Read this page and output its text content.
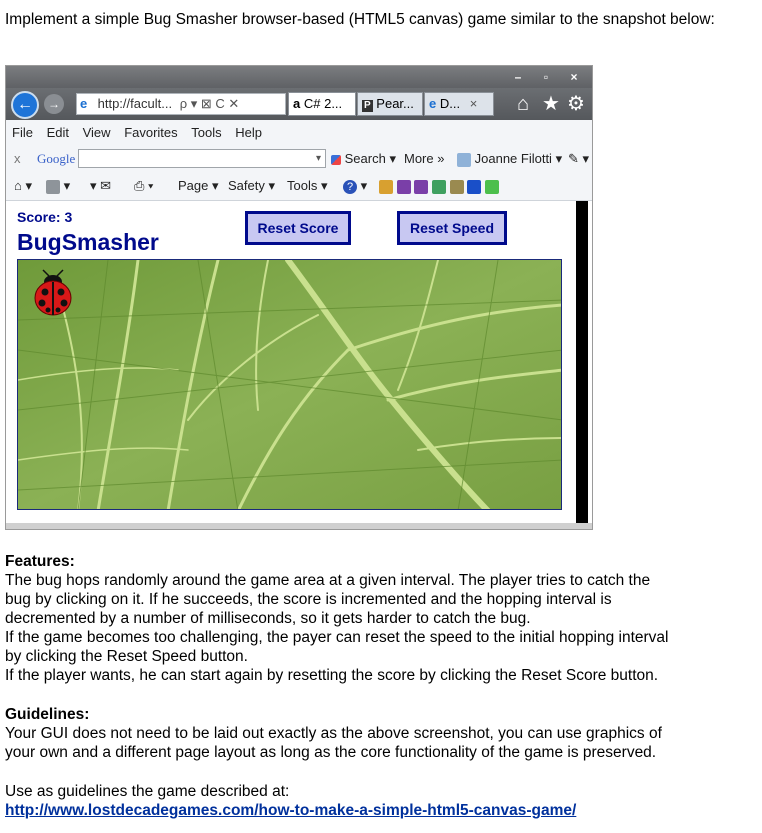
Implement a simple Bug Smasher browser-based (HTML5 canvas) game similar to the snapshot below:

–	▫	×
←	→	e http://facult... ρ ▾ ⊠ C ✕	a C# 2...	P Pear...	e D... ×	⌂ ★ ⚙
File Edit View Favorites Tools Help
x Google	▾	Search ▾ More »	Joanne Filotti ▾ ✎ ▾
⌂ ▾	▾ ▾ ✉ ⎙ ▾ Page ▾ Safety ▾ Tools ▾	? ▾

Score: 3
BugSmasher
Reset Score	Reset Speed

Features:

The bug hops randomly around the game area at a given interval. The player tries to catch the

bug by clicking on it. If he succeeds, the score is incremented and the hopping interval is

decremented by a number of milliseconds, so it gets harder to catch the bug.

If the game becomes too challenging, the payer can reset the speed to the initial hopping interval

by clicking the Reset Speed button.

If the player wants, he can start again by resetting the score by clicking the Reset Score button.

Guidelines:

Your GUI does not need to be laid out exactly as the above screenshot, you can use graphics of

your own and a different page layout as long as the core functionality of the game is preserved.

Use as guidelines the game described at:

http://www.lostdecadegames.com/how-to-make-a-simple-html5-canvas-game/
